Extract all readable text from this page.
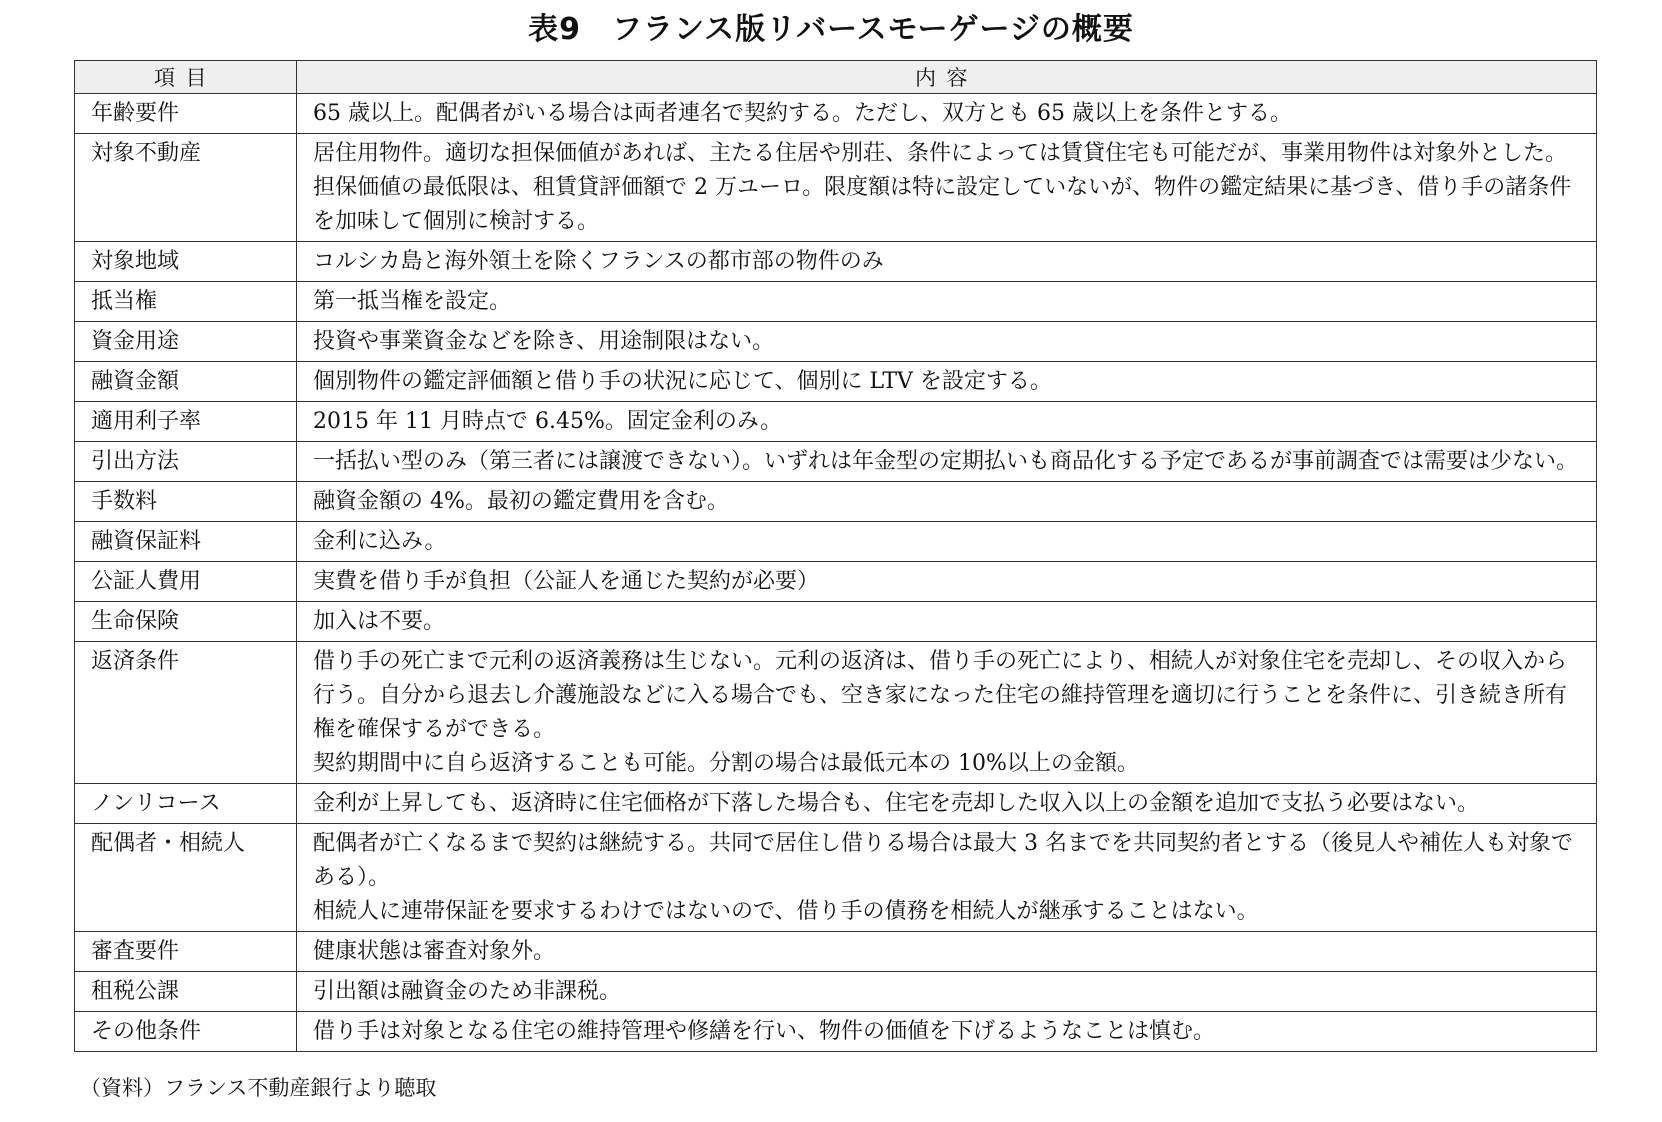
表9　フランス版リバースモーゲージの概要
項目	内容
年齢要件	65 歳以上。配偶者がいる場合は両者連名で契約する。ただし、双方とも 65 歳以上を条件とする。
対象不動産	居住用物件。適切な担保価値があれば、主たる住居や別荘、条件によっては賃貸住宅も可能だが、事業用物件は対象外とした。担保価値の最低限は、租賃貸評価額で 2 万ユーロ。限度額は特に設定していないが、物件の鑑定結果に基づき、借り手の諸条件を加味して個別に検討する。
対象地域	コルシカ島と海外領土を除くフランスの都市部の物件のみ
抵当権	第一抵当権を設定。
資金用途	投資や事業資金などを除き、用途制限はない。
融資金額	個別物件の鑑定評価額と借り手の状況に応じて、個別に LTV を設定する。
適用利子率	2015 年 11 月時点で 6.45%。固定金利のみ。
引出方法	一括払い型のみ（第三者には譲渡できない）。いずれは年金型の定期払いも商品化する予定であるが事前調査では需要は少ない。
手数料	融資金額の 4%。最初の鑑定費用を含む。
融資保証料	金利に込み。
公証人費用	実費を借り手が負担（公証人を通じた契約が必要）
生命保険	加入は不要。
返済条件	借り手の死亡まで元利の返済義務は生じない。元利の返済は、借り手の死亡により、相続人が対象住宅を売却し、その収入から行う。自分から退去し介護施設などに入る場合でも、空き家になった住宅の維持管理を適切に行うことを条件に、引き続き所有権を確保するができる。
契約期間中に自ら返済することも可能。分割の場合は最低元本の 10%以上の金額。
ノンリコース	金利が上昇しても、返済時に住宅価格が下落した場合も、住宅を売却した収入以上の金額を追加で支払う必要はない。
配偶者・相続人	配偶者が亡くなるまで契約は継続する。共同で居住し借りる場合は最大 3 名までを共同契約者とする（後見人や補佐人も対象である）。
相続人に連帯保証を要求するわけではないので、借り手の債務を相続人が継承することはない。
審査要件	健康状態は審査対象外。
租税公課	引出額は融資金のため非課税。
その他条件	借り手は対象となる住宅の維持管理や修繕を行い、物件の価値を下げるようなことは慎む。
（資料）フランス不動産銀行より聴取
